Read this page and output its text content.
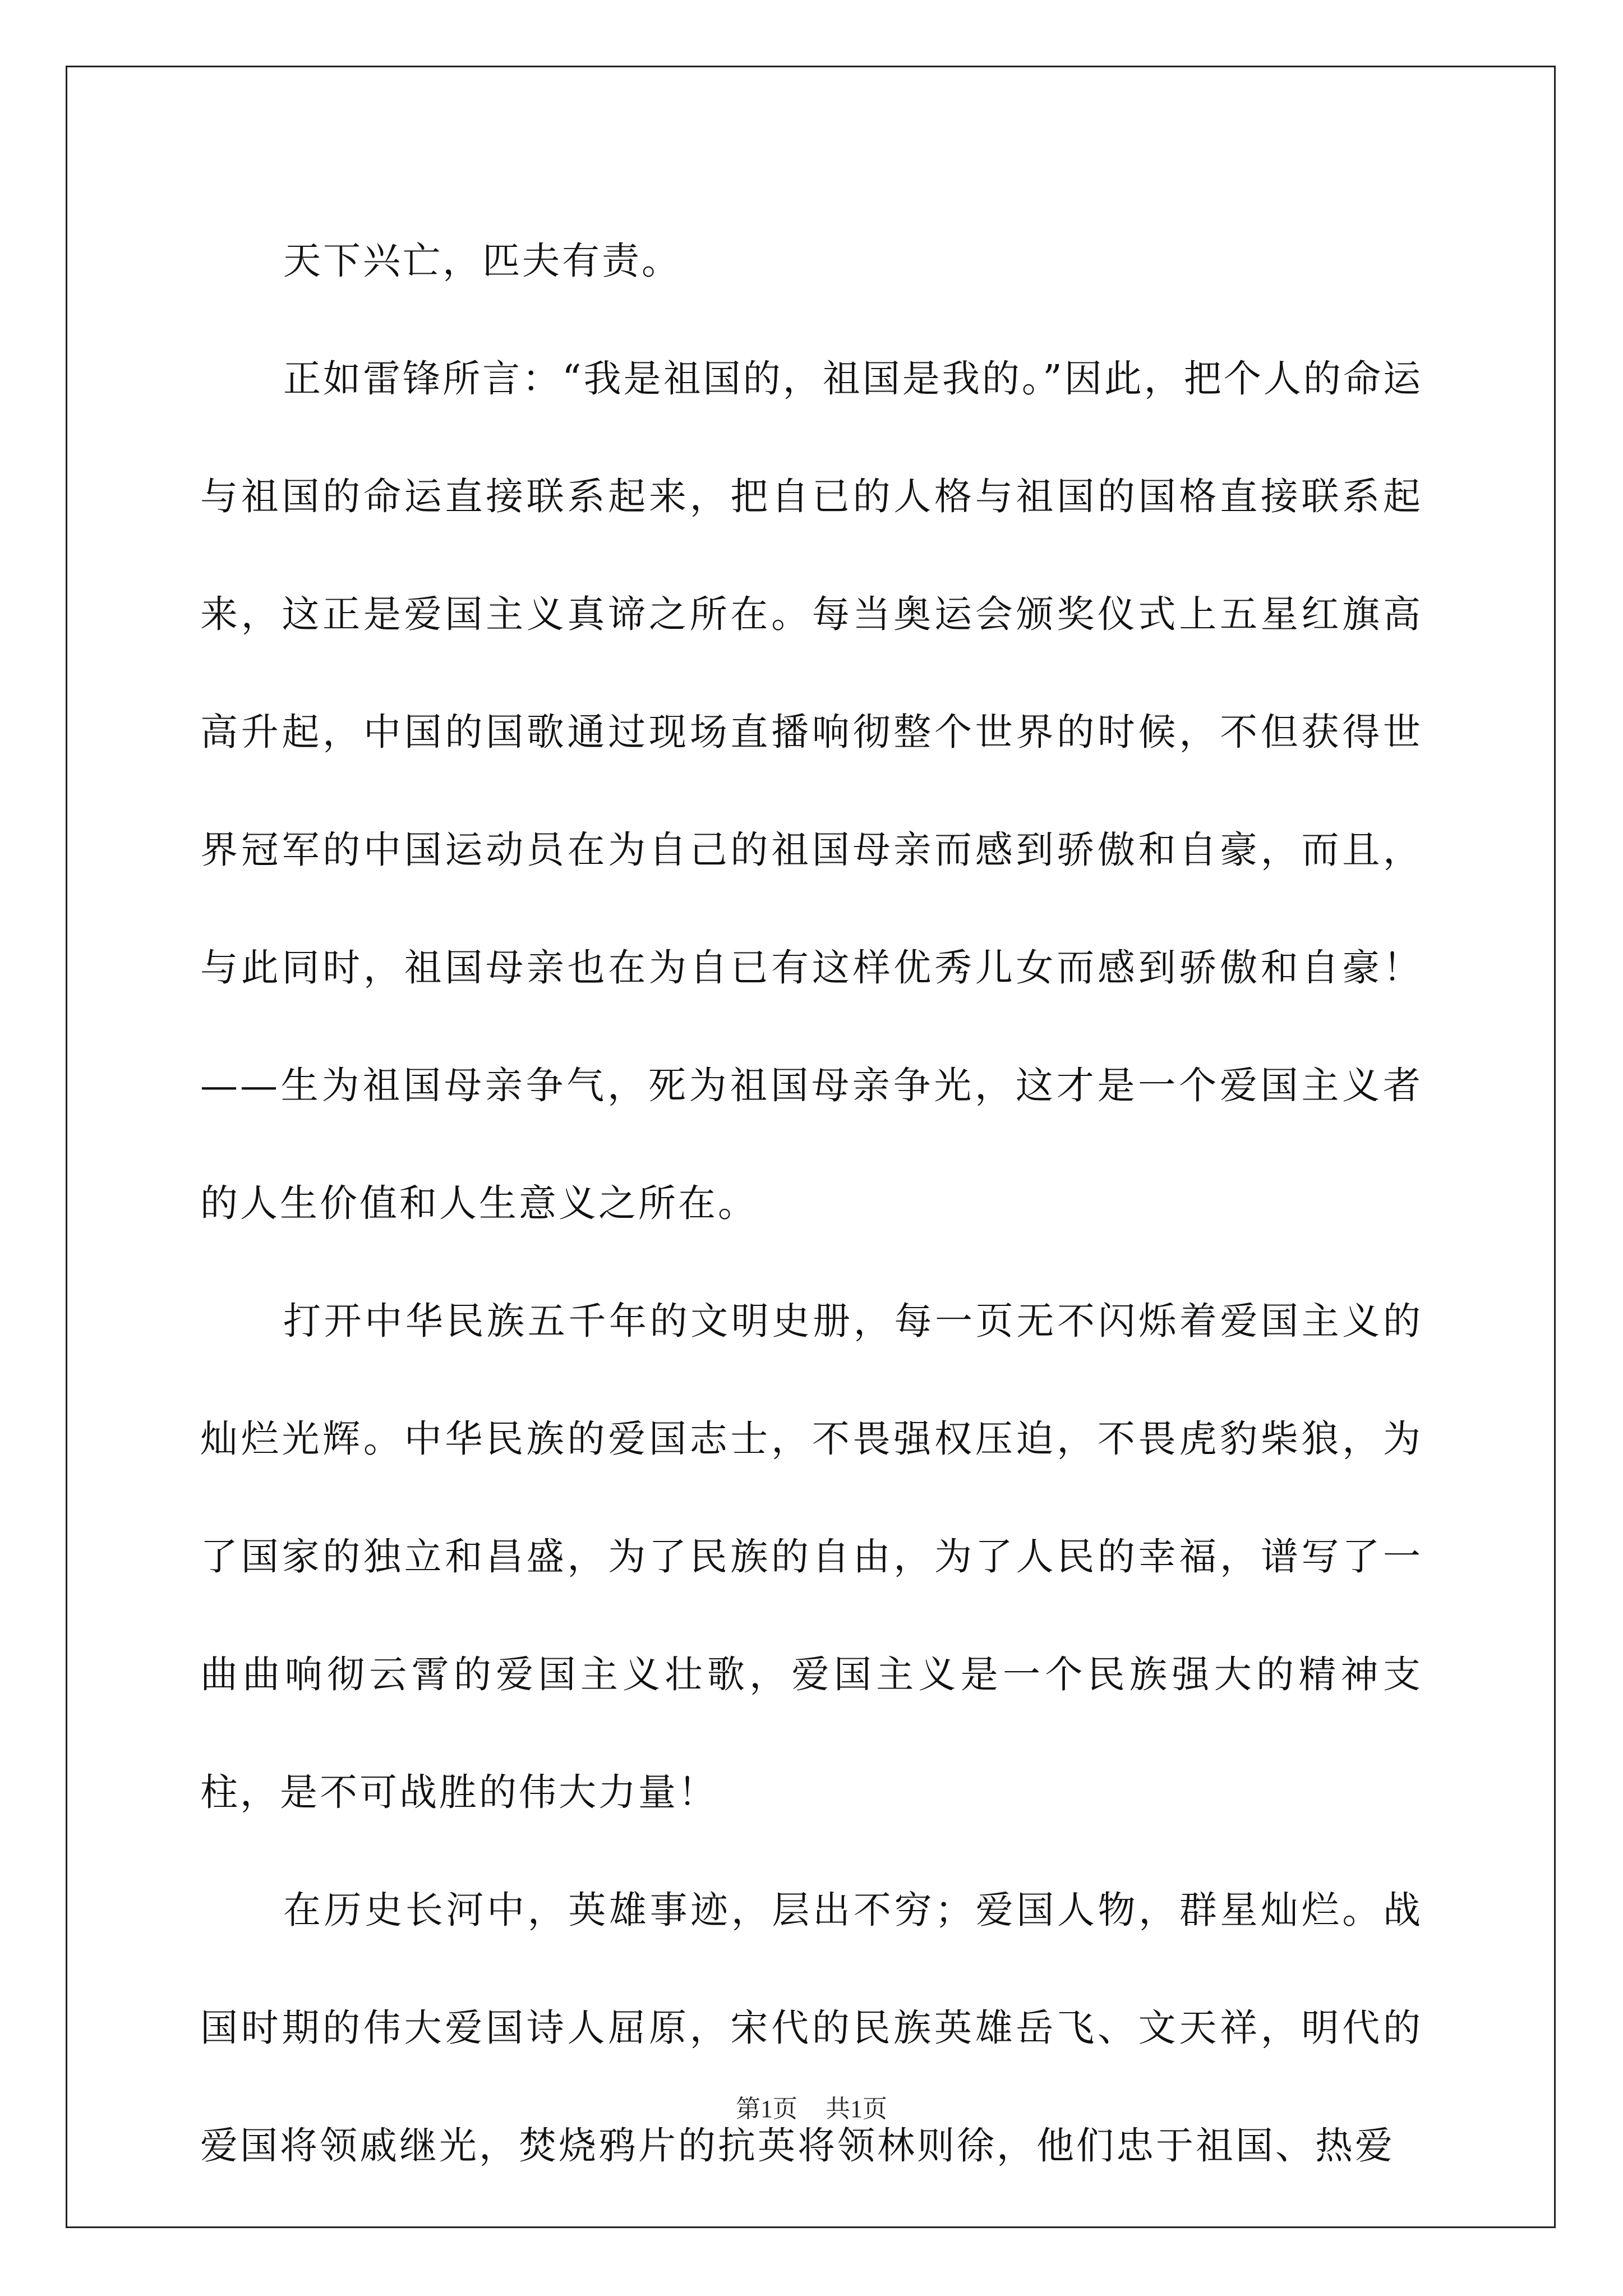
天下兴亡，匹夫有责。

正如雷锋所言：“我是祖国的，祖国是我的。”因此，把个人的命运与祖国的命运直接联系起来，把自已的人格与祖国的国格直接联系起来，这正是爱国主义真谛之所在。每当奥运会颁奖仪式上五星红旗高高升起，中国的国歌通过现场直播响彻整个世界的时候，不但获得世界冠军的中国运动员在为自己的祖国母亲而感到骄傲和自豪，而且，与此同时，祖国母亲也在为自已有这样优秀儿女而感到骄傲和自豪！——生为祖国母亲争气，死为祖国母亲争光，这才是一个爱国主义者的人生价值和人生意义之所在。

打开中华民族五千年的文明史册，每一页无不闪烁着爱国主义的灿烂光辉。中华民族的爱国志士，不畏强权压迫，不畏虎豹柴狼，为了国家的独立和昌盛，为了民族的自由，为了人民的幸福，谱写了一曲曲响彻云霄的爱国主义壮歌，爱国主义是一个民族强大的精神支柱，是不可战胜的伟大力量！

在历史长河中，英雄事迹，层出不穷；爱国人物，群星灿烂。战国时期的伟大爱国诗人屈原，宋代的民族英雄岳飞、文天祥，明代的爱国将领戚继光，焚烧鸦片的抗英将领林则徐，他们忠于祖国、热爱

第1页 共1页
